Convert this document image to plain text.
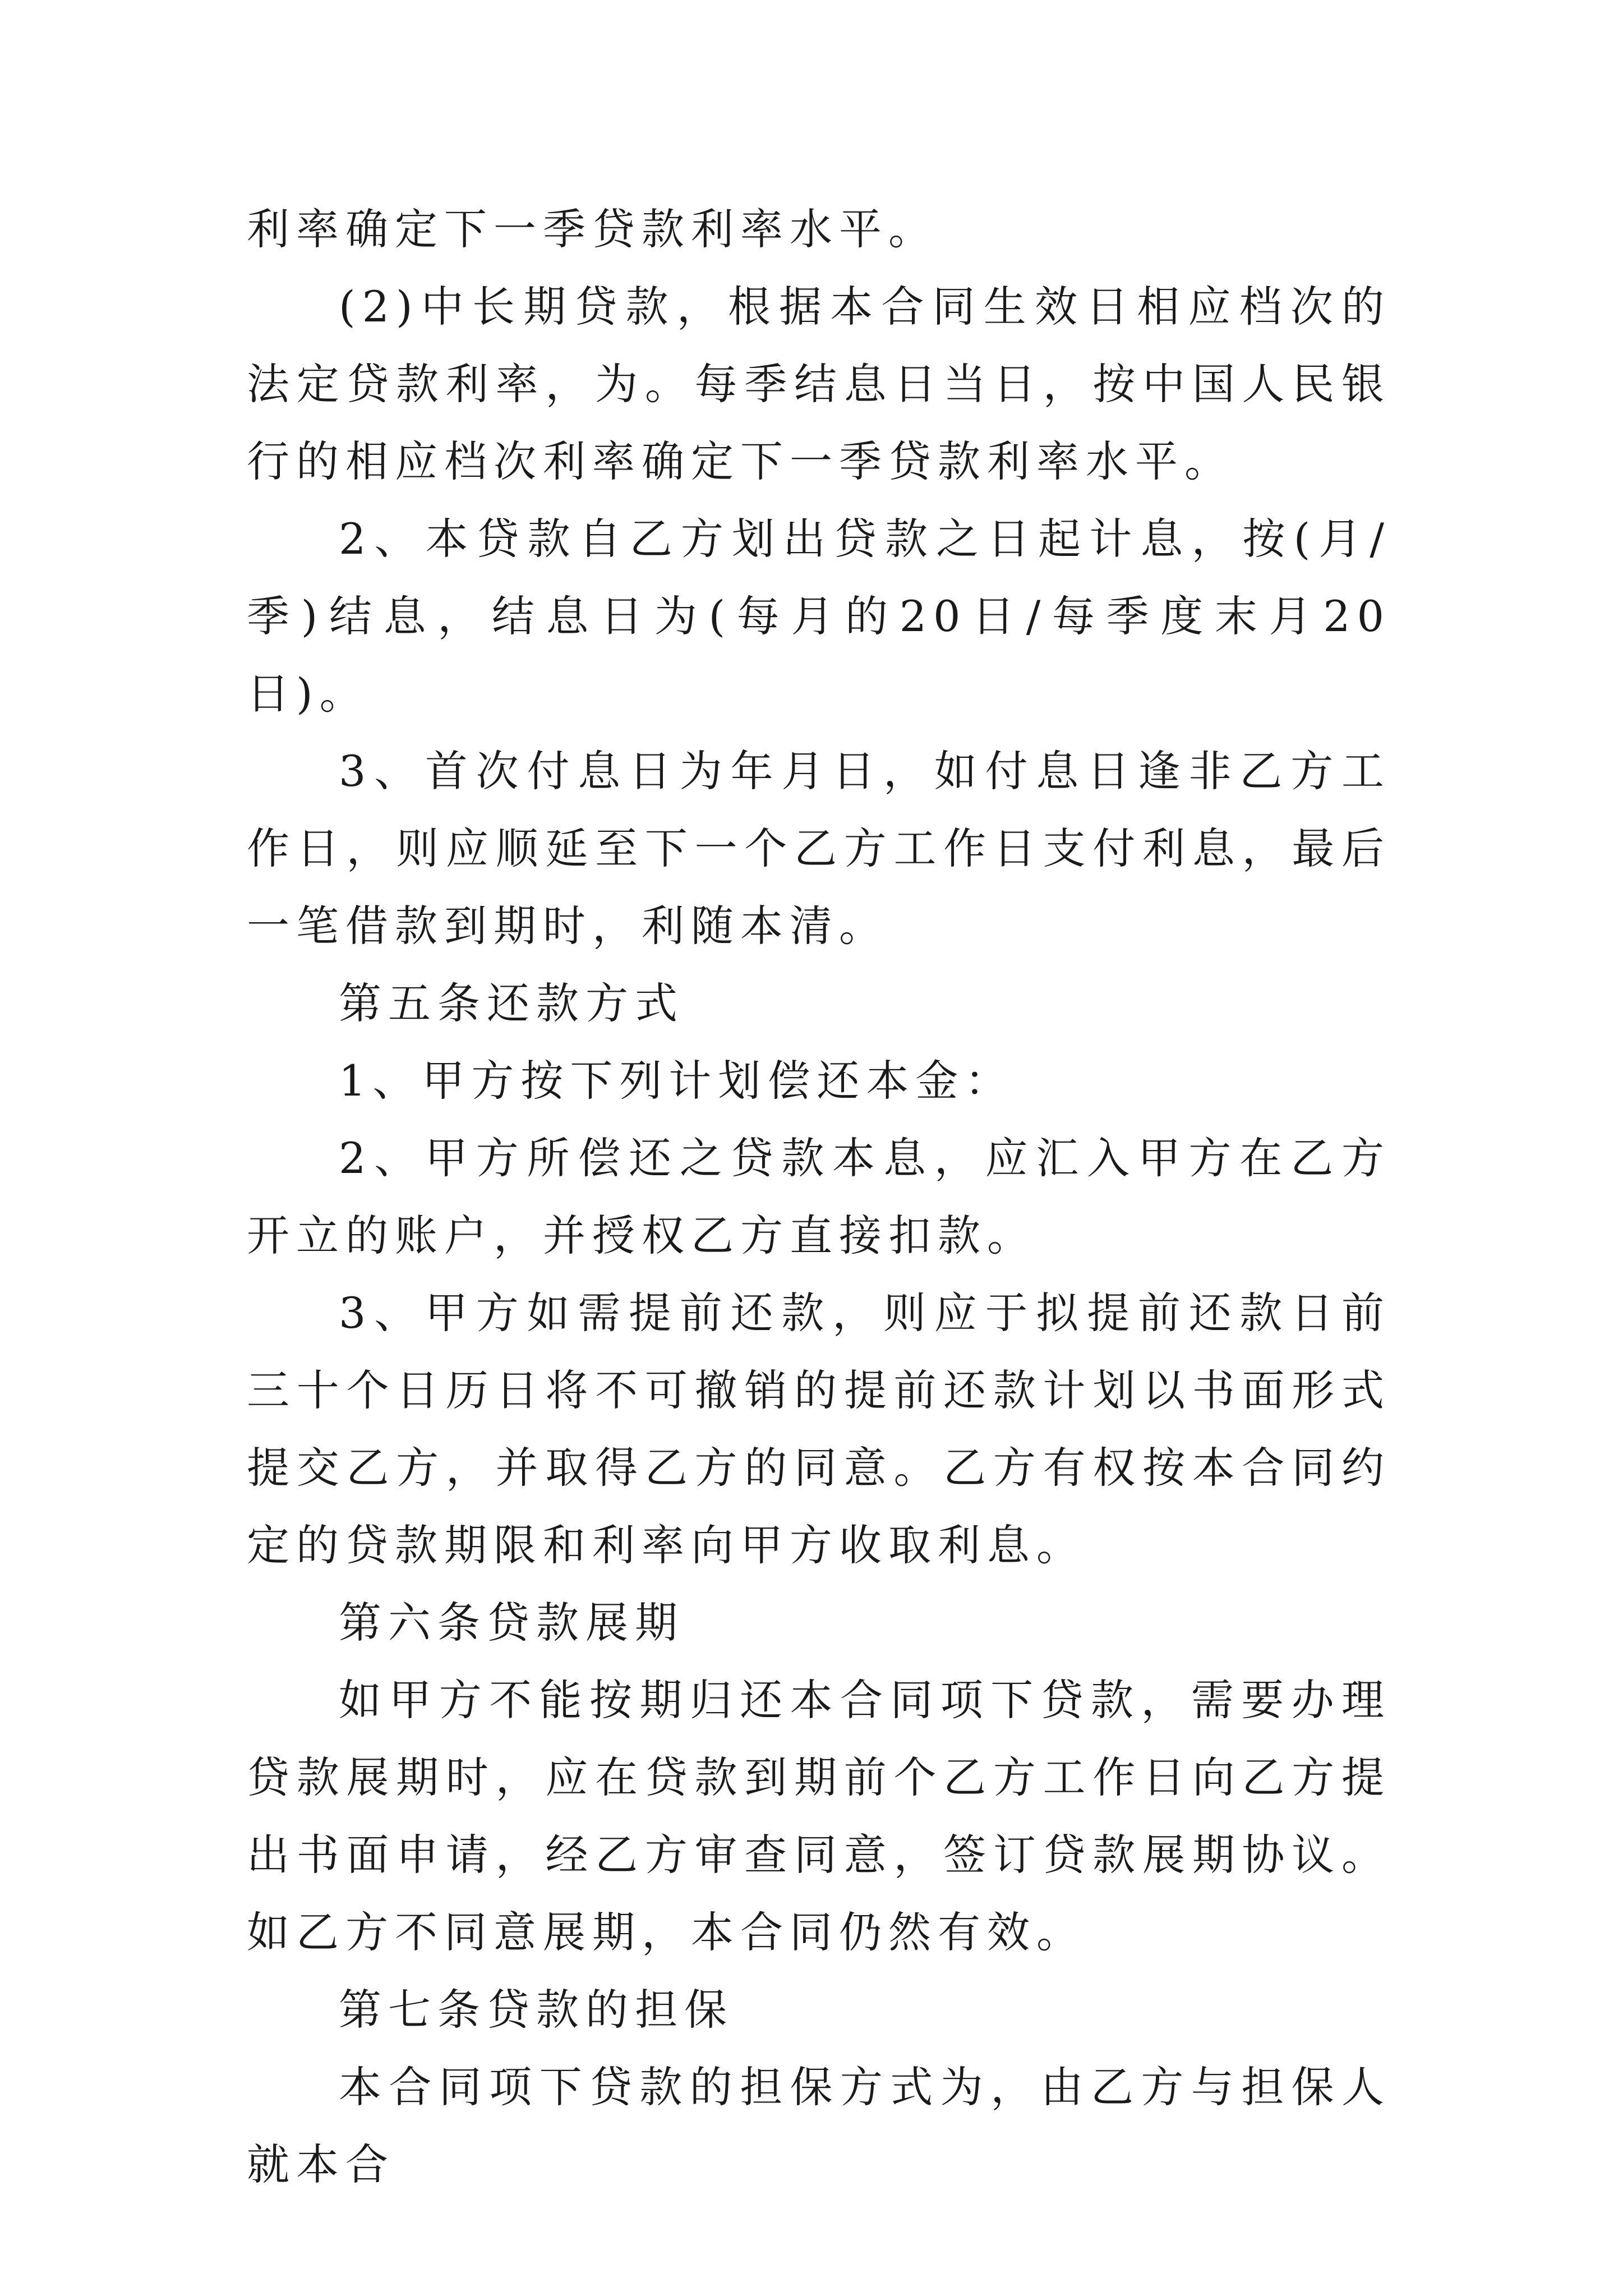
利率确定下一季贷款利率水平。

(2)中长期贷款，根据本合同生效日相应档次的法定贷款利率，为。每季结息日当日，按中国人民银行的相应档次利率确定下一季贷款利率水平。

2、本贷款自乙方划出贷款之日起计息，按(月/季)结息，结息日为(每月的20日/每季度末月20日)。

3、首次付息日为年月日，如付息日逢非乙方工作日，则应顺延至下一个乙方工作日支付利息，最后一笔借款到期时，利随本清。

第五条还款方式

1、甲方按下列计划偿还本金：

2、甲方所偿还之贷款本息，应汇入甲方在乙方开立的账户，并授权乙方直接扣款。

3、甲方如需提前还款，则应于拟提前还款日前三十个日历日将不可撤销的提前还款计划以书面形式提交乙方，并取得乙方的同意。乙方有权按本合同约定的贷款期限和利率向甲方收取利息。

第六条贷款展期

如甲方不能按期归还本合同项下贷款，需要办理贷款展期时，应在贷款到期前个乙方工作日向乙方提出书面申请，经乙方审查同意，签订贷款展期协议。如乙方不同意展期，本合同仍然有效。

第七条贷款的担保

本合同项下贷款的担保方式为，由乙方与担保人就本合
